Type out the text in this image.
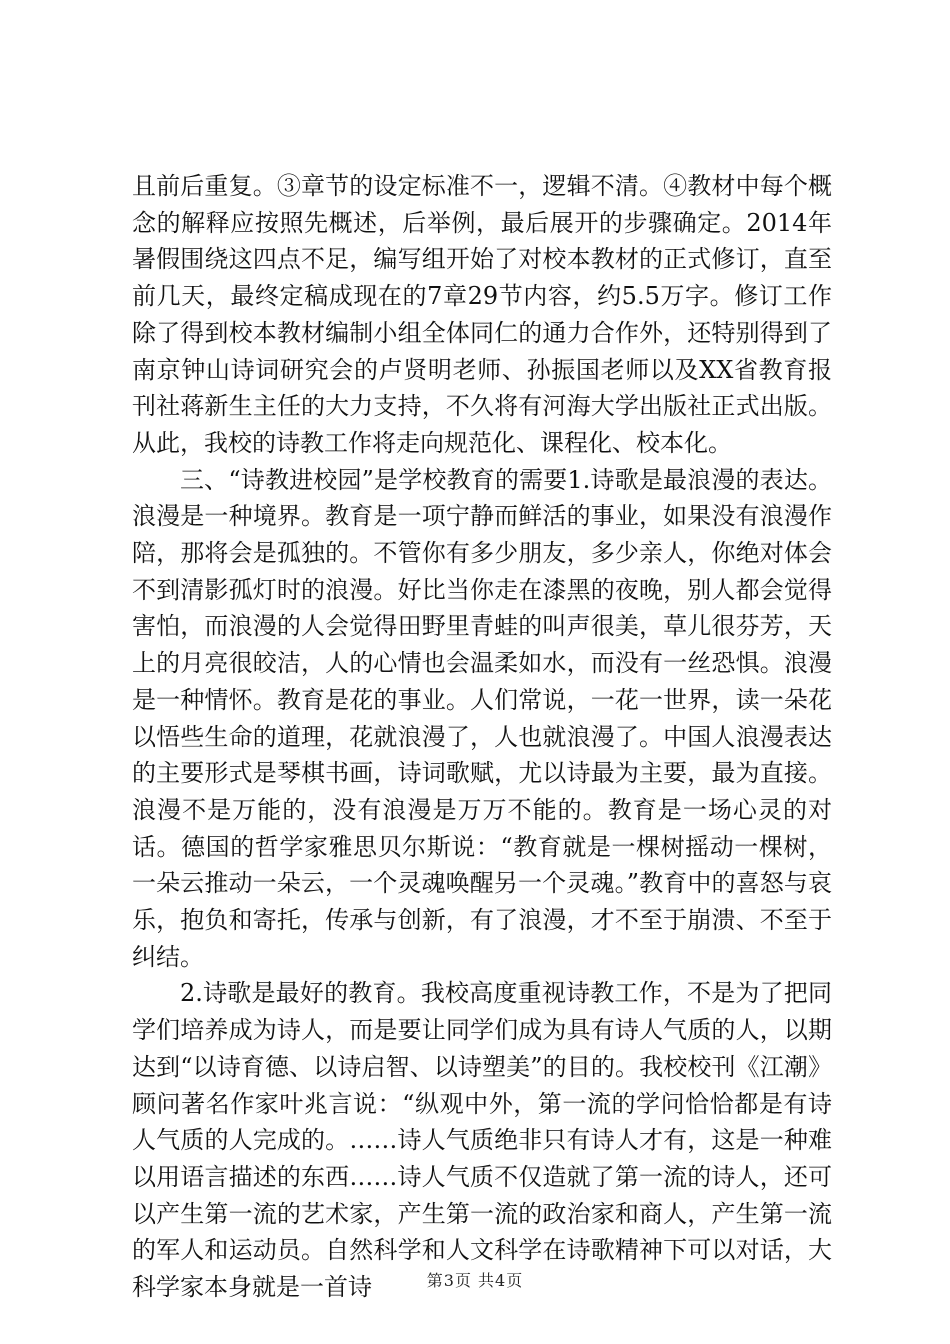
且前后重复。③章节的设定标准不一，逻辑不清。④教材中每个概念的解释应按照先概述，后举例，最后展开的步骤确定。2014年暑假围绕这四点不足，编写组开始了对校本教材的正式修订，直至前几天，最终定稿成现在的7章29节内容，约5.5万字。修订工作除了得到校本教材编制小组全体同仁的通力合作外，还特别得到了南京钟山诗词研究会的卢贤明老师、孙振国老师以及XX省教育报刊社蒋新生主任的大力支持，不久将有河海大学出版社正式出版。从此，我校的诗教工作将走向规范化、课程化、校本化。

三、“诗教进校园”是学校教育的需要1.诗歌是最浪漫的表达。浪漫是一种境界。教育是一项宁静而鲜活的事业，如果没有浪漫作陪，那将会是孤独的。不管你有多少朋友，多少亲人，你绝对体会不到清影孤灯时的浪漫。好比当你走在漆黑的夜晚，别人都会觉得害怕，而浪漫的人会觉得田野里青蛙的叫声很美，草儿很芬芳，天上的月亮很皎洁，人的心情也会温柔如水，而没有一丝恐惧。浪漫是一种情怀。教育是花的事业。人们常说，一花一世界，读一朵花以悟些生命的道理，花就浪漫了，人也就浪漫了。中国人浪漫表达的主要形式是琴棋书画，诗词歌赋，尤以诗最为主要，最为直接。浪漫不是万能的，没有浪漫是万万不能的。教育是一场心灵的对话。德国的哲学家雅思贝尔斯说：“教育就是一棵树摇动一棵树，一朵云推动一朵云，一个灵魂唤醒另一个灵魂。”教育中的喜怒与哀乐，抱负和寄托，传承与创新，有了浪漫，才不至于崩溃、不至于纠结。

2.诗歌是最好的教育。我校高度重视诗教工作，不是为了把同学们培养成为诗人，而是要让同学们成为具有诗人气质的人，以期达到“以诗育德、以诗启智、以诗塑美”的目的。我校校刊《江潮》顾问著名作家叶兆言说：“纵观中外，第一流的学问恰恰都是有诗人气质的人完成的。……诗人气质绝非只有诗人才有，这是一种难以用语言描述的东西……诗人气质不仅造就了第一流的诗人，还可以产生第一流的艺术家，产生第一流的政治家和商人，产生第一流的军人和运动员。自然科学和人文科学在诗歌精神下可以对话，大科学家本身就是一首诗	第3页 共4页
